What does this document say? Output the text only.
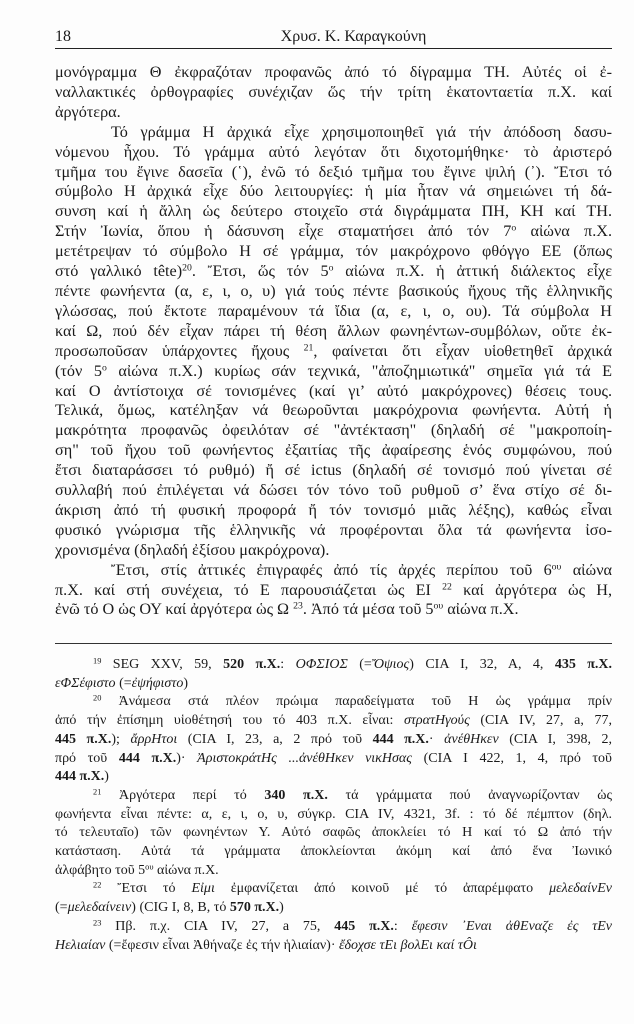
18	Χρυσ. Κ. Καραγκούνη
μονόγραμμα Θ ἐκφραζόταν προφανῶς ἀπό τό δίγραμμα ΤΗ. Αὐτές οἱ ἐ-
ναλλακτικές ὀρθογραφίες συνέχιζαν ὥς τήν τρίτη ἑκατονταετία π.Χ. καί
ἀργότερα.
Τό γράμμα Η ἀρχικά εἶχε χρησιμοποιηθεῖ γιά τήν ἀπόδοση δασυ-
νόμενου ἦχου. Τό γράμμα αὐτό λεγόταν ὅτι διχοτομήθηκε· τὸ ἀριστερό
τμῆμα του ἔγινε δασεῖα (῾), ἐνῶ τό δεξιό τμῆμα του ἔγινε ψιλή (᾿). Ἔτσι τό
σύμβολο Η ἀρχικά εἶχε δύο λειτουργίες: ἡ μία ἦταν νά σημειώνει τή δά-
συνση καί ἡ ἄλλη ὡς δεύτερο στοιχεῖο στά διγράμματα ΠΗ, ΚΗ καί ΤΗ.
Στήν Ἰωνία, ὅπου ἡ δάσυνση εἶχε σταματήσει ἀπό τόν $7^o$ αἰώνα π.Χ.
μετέτρεψαν τό σύμβολο Η σέ γράμμα, τόν μακρόχρονο φθόγγο ΕΕ (ὅπως
στό γαλλικό tête)$^{20}$. Ἔτσι, ὥς τόν $5^o$ αἰώνα π.Χ. ἡ ἀττική διάλεκτος εἶχε
πέντε φωνήεντα (α, ε, ι, ο, υ) γιά τούς πέντε βασικούς ἤχους τῆς ἑλληνικῆς
γλώσσας, πού ἔκτοτε παραμένουν τά ἴδια (α, ε, ι, ο, ου). Τά σύμβολα Η
καί Ω, πού δέν εἶχαν πάρει τή θέση ἄλλων φωνηέντων-συμβόλων, οὔτε ἐκ-
προσωποῦσαν ὑπάρχοντες ἤχους $^{21}$, φαίνεται ὅτι εἶχαν υἱοθετηθεῖ ἀρχικά
(τόν $5^o$ αἰώνα π.Χ.) κυρίως σάν τεχνικά, "ἀποζημιωτικά" σημεῖα γιά τά Ε
καί Ο ἀντίστοιχα σέ τονισμένες (καί γι’ αὐτό μακρόχρονες) θέσεις τους.
Τελικά, ὅμως, κατέληξαν νά θεωροῦνται μακρόχρονια φωνήεντα. Αὐτή ἡ
μακρότητα προφανῶς ὀφειλόταν σέ "ἀντέκταση" (δηλαδή σέ "μακροποίη-
ση" τοῦ ἤχου τοῦ φωνήεντος ἐξαιτίας τῆς ἀφαίρεσης ἑνός συμφώνου, πού
ἔτσι διαταράσσει τό ρυθμό) ἤ σέ ictus (δηλαδή σέ τονισμό πού γίνεται σέ
συλλαβή πού ἐπιλέγεται νά δώσει τόν τόνο τοῦ ρυθμοῦ σ’ ἕνα στίχο σέ δι-
άκριση ἀπό τή φυσική προφορά ἤ τόν τονισμό μιᾶς λέξης), καθώς εἶναι
φυσικό γνώρισμα τῆς ἑλληνικῆς νά προφέρονται ὅλα τά φωνήεντα ἰσο-
χρονισμένα (δηλαδή ἐξίσου μακρόχρονα).
Ἔτσι, στίς ἀττικές ἐπιγραφές ἀπό τίς ἀρχές περίπου τοῦ $6^{o\upsilon}$ αἰώνα
π.Χ. καί στή συνέχεια, τό Ε παρουσιάζεται ὡς ΕΙ $^{22}$ καί ἀργότερα ὡς Η,
ἐνῶ τό Ο ὡς ΟΥ καί ἀργότερα ὡς Ω $^{23}$. Ἀπό τά μέσα τοῦ $5^{o\upsilon}$ αἰώνα π.Χ.
$^{19}$ SEG XXV, 59, 520 π.Χ.: ΟΦΣΙΟΣ (=Ὄψιος) CIA I, 32, A, 4, 435 π.Χ.
εΦΣέφιστο (=ἐψήφιστο)
$^{20}$ Ἀνάμεσα στά πλέον πρώιμα παραδείγματα τοῦ Η ὡς γράμμα πρίν
ἀπό τήν ἐπίσημη υἱοθέτησή του τό 403 π.Χ. εἶναι: στρατΗγούς (CIA IV, 27, a, 77,
445 π.Χ.); ἄρρΗτοι (CIA I, 23, a, 2 πρό τοῦ 444 π.Χ.· ἀνέθΗκεν (CIA I, 398, 2,
πρό τοῦ 444 π.Χ.)· ἈριστοκράτΗς ...ἀνέθΗκεν νικΗσας (CIA I 422, 1, 4, πρό τοῦ
444 π.Χ.)
$^{21}$ Ἀργότερα περί τό 340 π.Χ. τά γράμματα πού ἀναγνωρίζονταν ὡς
φωνήεντα εἶναι πέντε: α, ε, ι, ο, υ, σύγκρ. CIA IV, 4321, 3f. : τό δέ πέμπτον (δηλ.
τό τελευταῖο) τῶν φωνηέντων Υ. Αὐτό σαφῶς ἀποκλείει τό Η καί τό Ω ἀπό τήν
κατάσταση. Αὐτά τά γράμματα ἀποκλείονται ἀκόμη καί ἀπό ἕνα Ἰωνικό
ἀλφάβητο τοῦ $5^{o\upsilon}$ αἰώνα π.Χ.
$^{22}$ Ἔτσι τό Εἰμι ἐμφανίζεται ἀπό κοινοῦ μέ τό ἀπαρέμφατο μελεδαίνΕν
(=μελεδαίνειν) (CIG I, 8, B, τό 570 π.Χ.)
$^{23}$ Πβ. π.χ. CIA IV, 27, a 75, 445 π.Χ.: ἔφεσιν ᾿Εναι ἀθΕναζε ἐς τΕν
Ηελιαίαν (=ἔφεσιν εἶναι Ἀθήναζε ἐς τήν ἡλιαίαν)· ἔδοχσε τΕι βολΕι καί τÔι
